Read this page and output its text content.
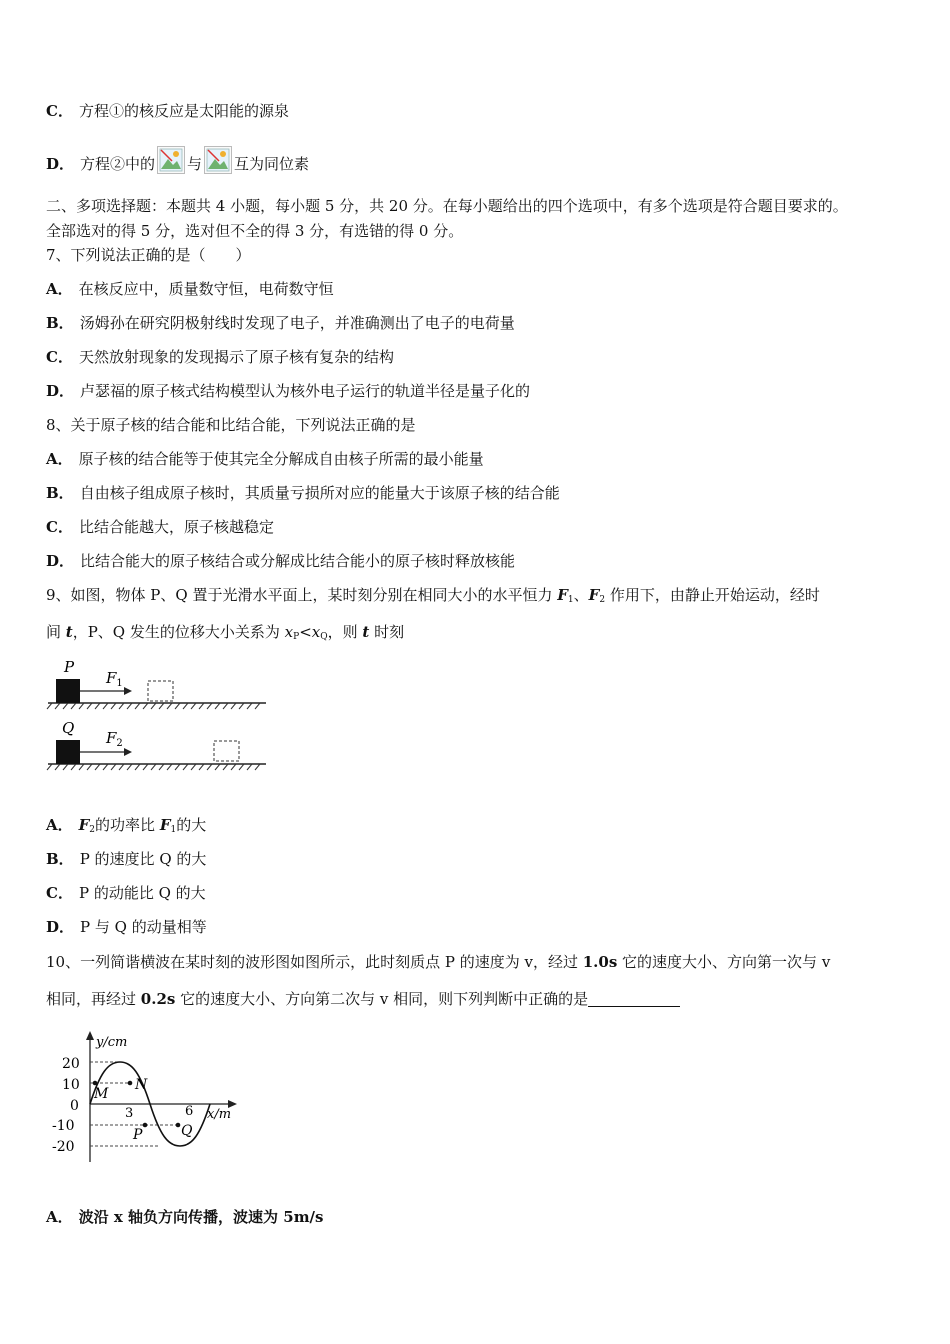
C． 方程①的核反应是太阳能的源泉
D． 方程②中的 与 互为同位素
二、多项选择题：本题共 4 小题，每小题 5 分，共 20 分。在每小题给出的四个选项中，有多个选项是符合题目要求的。
全部选对的得 5 分，选对但不全的得 3 分，有选错的得 0 分。
7、下列说法正确的是（　　）
A． 在核反应中，质量数守恒，电荷数守恒
B． 汤姆孙在研究阴极射线时发现了电子，并准确测出了电子的电荷量
C． 天然放射现象的发现揭示了原子核有复杂的结构
D． 卢瑟福的原子核式结构模型认为核外电子运行的轨道半径是量子化的
8、关于原子核的结合能和比结合能，下列说法正确的是
A． 原子核的结合能等于使其完全分解成自由核子所需的最小能量
B． 自由核子组成原子核时，其质量亏损所对应的能量大于该原子核的结合能
C． 比结合能越大，原子核越稳定
D． 比结合能大的原子核结合或分解成比结合能小的原子核时释放核能
9、如图，物体 P、Q 置于光滑水平面上，某时刻分别在相同大小的水平恒力 $F_1$、$F_2$ 作用下，由静止开始运动，经时
间 t，P、Q 发生的位移大小关系为 $x_P<x_Q$，则 t 时刻
P
$F_1$
Q
$F_2$
A． $F_2$的功率比 $F_1$的大
B． P 的速度比 Q 的大
C． P 的动能比 Q 的大
D． P 与 Q 的动量相等
10、一列简谐横波在某时刻的波形图如图所示，此时刻质点 P 的速度为 v，经过 1.0s 它的速度大小、方向第一次与 v
相同，再经过 0.2s 它的速度大小、方向第二次与 v 相同，则下列判断中正确的是
y/cm
x/m
20
10
0
-10
-20
M
N
P	Q
3	6
A． 波沿 x 轴负方向传播，波速为 5m/s
